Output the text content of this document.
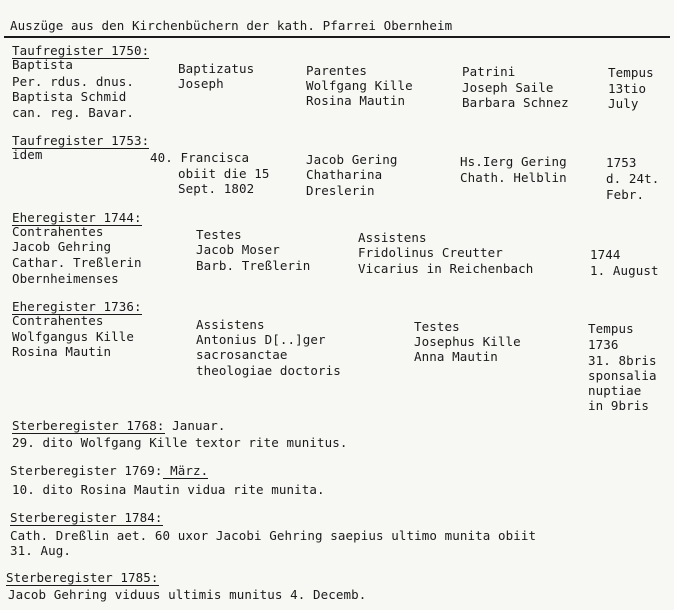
Auszüge aus den Kirchenbüchern der kath. Pfarrei Obernheim
Taufregister 1750:
Baptista
Per. rdus. dnus.
Baptista Schmid
can. reg. Bavar.
Baptizatus
Joseph
Parentes
Wolfgang Kille
Rosina Mautin
Patrini
Joseph Saile
Barbara Schnez
Tempus
13tio
July
Taufregister 1753:
idem	40. Francisca
obiit die 15
Sept. 1802
Jacob Gering
Chatharina
Dreslerin
Hs.Ierg Gering
Chath. Helblin
1753
d. 24t.
Febr.
Eheregister 1744:
Contrahentes
Jacob Gehring
Cathar. Treßlerin
Obernheimenses
Testes
Jacob Moser
Barb. Treßlerin
Assistens
Fridolinus Creutter
Vicarius in Reichenbach
1744
1. August
Eheregister 1736:
Contrahentes
Wolfgangus Kille
Rosina Mautin
Assistens
Antonius D[..]ger
sacrosanctae
theologiae doctoris
Testes
Josephus Kille
Anna Mautin
Tempus
1736
31. 8bris
sponsalia
nuptiae
in 9bris
Sterberegister 1768: Januar.
29. dito Wolfgang Kille textor rite munitus.
Sterberegister 1769: März.
10. dito Rosina Mautin vidua rite munita.
Sterberegister 1784:
Cath. Dreßlin aet. 60 uxor Jacobi Gehring saepius ultimo munita obiit
31. Aug.
Sterberegister 1785:
Jacob Gehring viduus ultimis munitus 4. Decemb.
